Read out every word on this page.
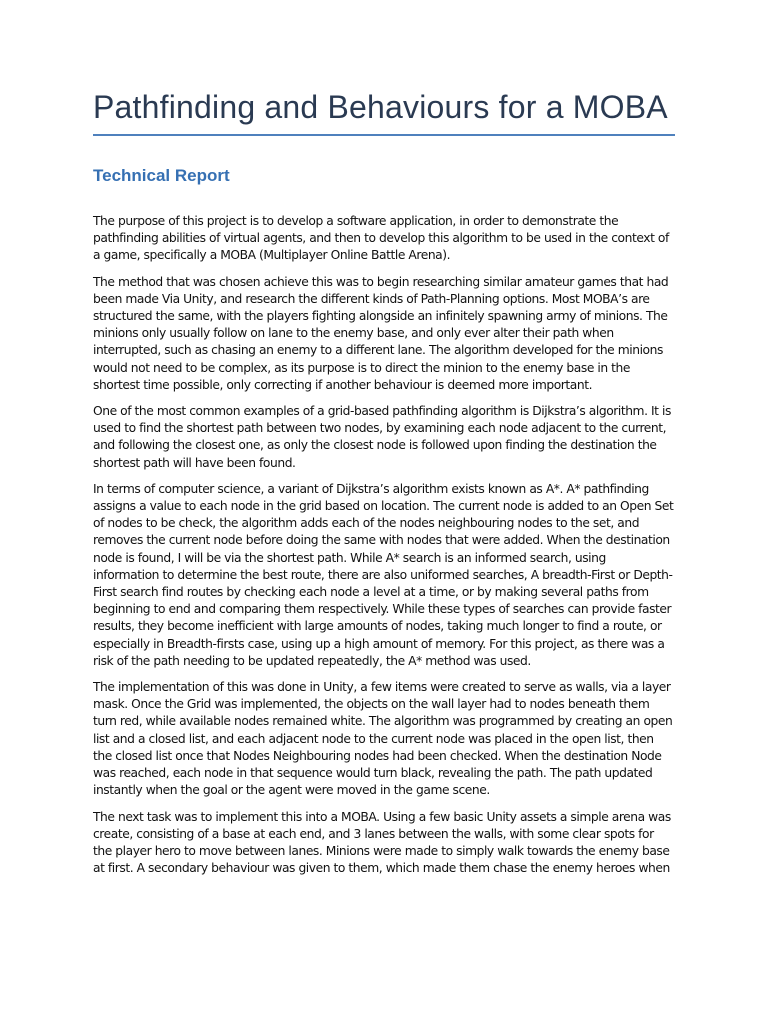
Pathfinding and Behaviours for a MOBA
Technical Report

The purpose of this project is to develop a software application, in order to demonstrate the pathfinding abilities of virtual agents, and then to develop this algorithm to be used in the context of a game, specifically a MOBA (Multiplayer Online Battle Arena).

The method that was chosen achieve this was to begin researching similar amateur games that had been made Via Unity, and research the different kinds of Path-Planning options. Most MOBA’s are structured the same, with the players fighting alongside an infinitely spawning army of minions. The minions only usually follow on lane to the enemy base, and only ever alter their path when interrupted, such as chasing an enemy to a different lane. The algorithm developed for the minions would not need to be complex, as its purpose is to direct the minion to the enemy base in the shortest time possible, only correcting if another behaviour is deemed more important.

One of the most common examples of a grid-based pathfinding algorithm is Dijkstra’s algorithm. It is used to find the shortest path between two nodes, by examining each node adjacent to the current, and following the closest one, as only the closest node is followed upon finding the destination the shortest path will have been found.

In terms of computer science, a variant of Dijkstra’s algorithm exists known as A*. A* pathfinding assigns a value to each node in the grid based on location. The current node is added to an Open Set of nodes to be check, the algorithm adds each of the nodes neighbouring nodes to the set, and removes the current node before doing the same with nodes that were added. When the destination node is found, I will be via the shortest path. While A* search is an informed search, using information to determine the best route, there are also uniformed searches, A breadth-First or Depth-First search find routes by checking each node a level at a time, or by making several paths from beginning to end and comparing them respectively. While these types of searches can provide faster results, they become inefficient with large amounts of nodes, taking much longer to find a route, or especially in Breadth-firsts case, using up a high amount of memory. For this project, as there was a risk of the path needing to be updated repeatedly, the A* method was used.

The implementation of this was done in Unity, a few items were created to serve as walls, via a layer mask. Once the Grid was implemented, the objects on the wall layer had to nodes beneath them turn red, while available nodes remained white. The algorithm was programmed by creating an open list and a closed list, and each adjacent node to the current node was placed in the open list, then the closed list once that Nodes Neighbouring nodes had been checked. When the destination Node was reached, each node in that sequence would turn black, revealing the path. The path updated instantly when the goal or the agent were moved in the game scene.

The next task was to implement this into a MOBA. Using a few basic Unity assets a simple arena was create, consisting of a base at each end, and 3 lanes between the walls, with some clear spots for the player hero to move between lanes. Minions were made to simply walk towards the enemy base at first. A secondary behaviour was given to them, which made them chase the enemy heroes when
